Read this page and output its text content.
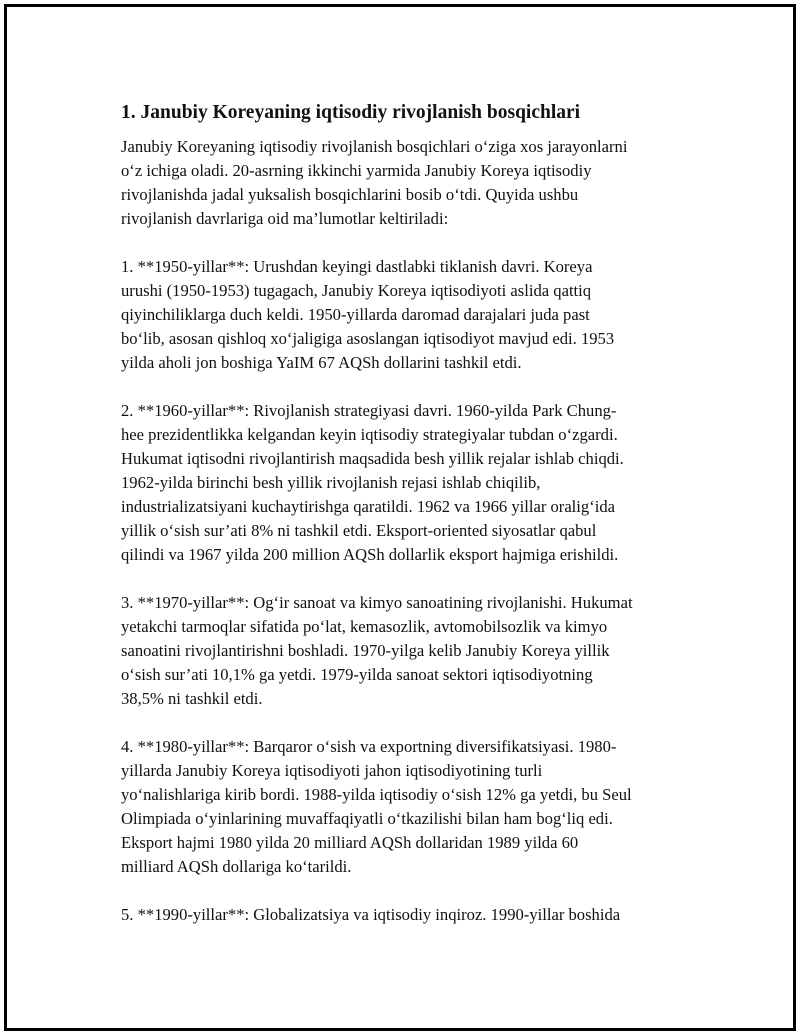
1. Janubiy Koreyaning iqtisodiy rivojlanish bosqichlari
Janubiy Koreyaning iqtisodiy rivojlanish bosqichlari o‘ziga xos jarayonlarni
o‘z ichiga oladi. 20-asrning ikkinchi yarmida Janubiy Koreya iqtisodiy
rivojlanishda jadal yuksalish bosqichlarini bosib o‘tdi. Quyida ushbu
rivojlanish davrlariga oid ma’lumotlar keltiriladi:
1. **1950-yillar**: Urushdan keyingi dastlabki tiklanish davri. Koreya
urushi (1950-1953) tugagach, Janubiy Koreya iqtisodiyoti aslida qattiq
qiyinchiliklarga duch keldi. 1950-yillarda daromad darajalari juda past
bo‘lib, asosan qishloq xo‘jaligiga asoslangan iqtisodiyot mavjud edi. 1953
yilda aholi jon boshiga YaIM 67 AQSh dollarini tashkil etdi.
2. **1960-yillar**: Rivojlanish strategiyasi davri. 1960-yilda Park Chung-
hee prezidentlikka kelgandan keyin iqtisodiy strategiyalar tubdan o‘zgardi.
Hukumat iqtisodni rivojlantirish maqsadida besh yillik rejalar ishlab chiqdi.
1962-yilda birinchi besh yillik rivojlanish rejasi ishlab chiqilib,
industrializatsiyani kuchaytirishga qaratildi. 1962 va 1966 yillar oralig‘ida
yillik o‘sish sur’ati 8% ni tashkil etdi. Eksport-oriented siyosatlar qabul
qilindi va 1967 yilda 200 million AQSh dollarlik eksport hajmiga erishildi.
3. **1970-yillar**: Og‘ir sanoat va kimyo sanoatining rivojlanishi. Hukumat
yetakchi tarmoqlar sifatida po‘lat, kemasozlik, avtomobilsozlik va kimyo
sanoatini rivojlantirishni boshladi. 1970-yilga kelib Janubiy Koreya yillik
o‘sish sur’ati 10,1% ga yetdi. 1979-yilda sanoat sektori iqtisodiyotning
38,5% ni tashkil etdi.
4. **1980-yillar**: Barqaror o‘sish va exportning diversifikatsiyasi. 1980-
yillarda Janubiy Koreya iqtisodiyoti jahon iqtisodiyotining turli
yo‘nalishlariga kirib bordi. 1988-yilda iqtisodiy o‘sish 12% ga yetdi, bu Seul
Olimpiada o‘yinlarining muvaffaqiyatli o‘tkazilishi bilan ham bog‘liq edi.
Eksport hajmi 1980 yilda 20 milliard AQSh dollaridan 1989 yilda 60
milliard AQSh dollariga ko‘tarildi.
5. **1990-yillar**: Globalizatsiya va iqtisodiy inqiroz. 1990-yillar boshida
